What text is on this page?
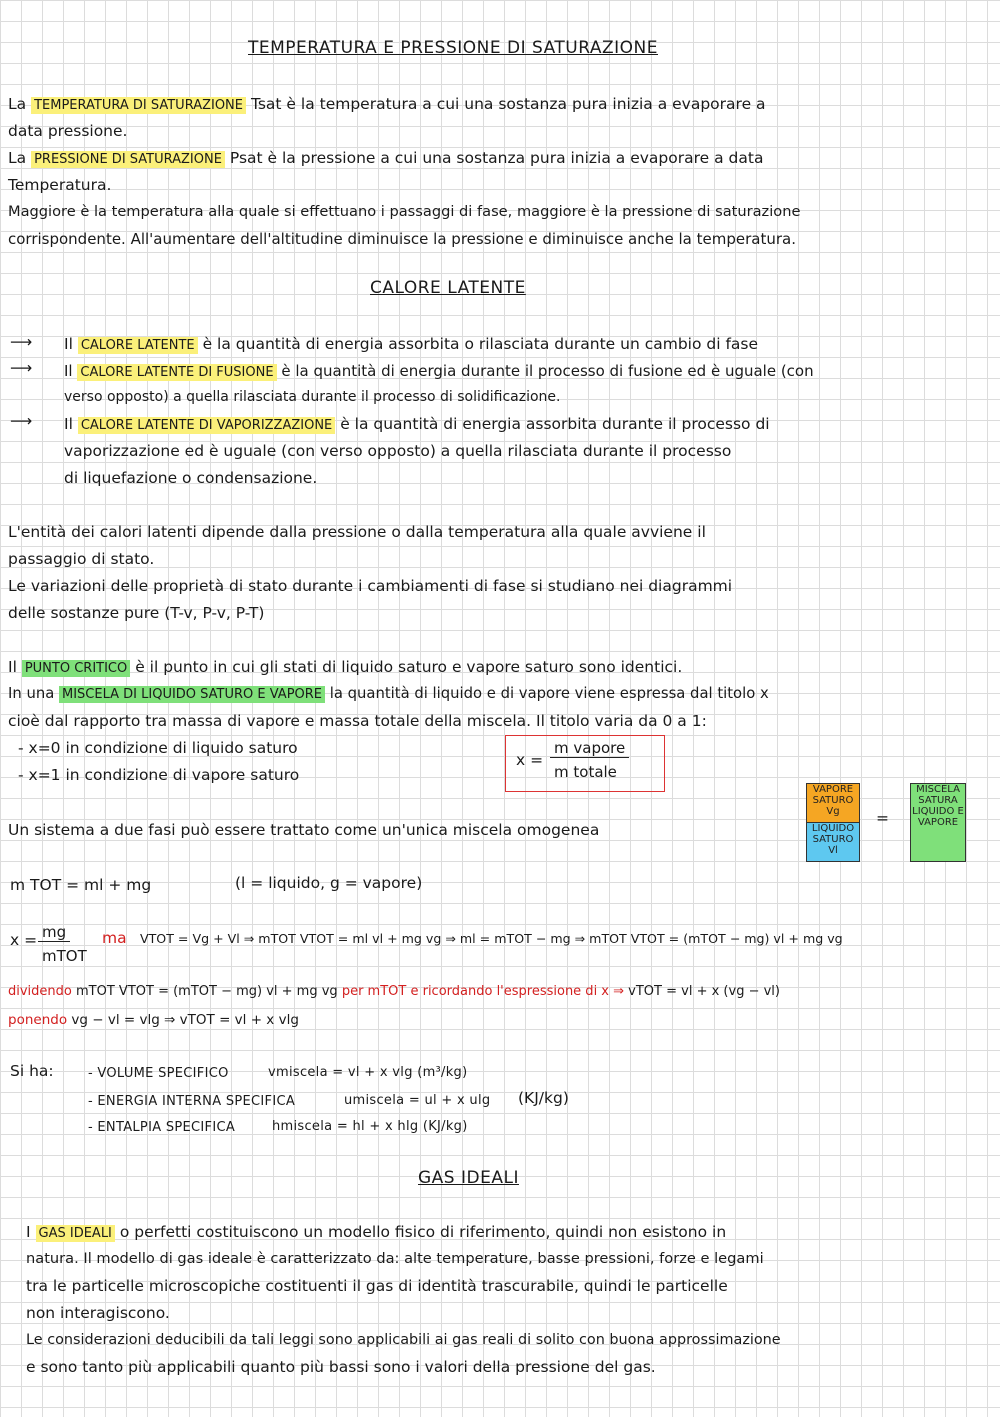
TEMPERATURA E PRESSIONE DI SATURAZIONE
La TEMPERATURA DI SATURAZIONE Tsat è la temperatura a cui una sostanza pura inizia a evaporare a
data pressione.
La PRESSIONE DI SATURAZIONE Psat è la pressione a cui una sostanza pura inizia a evaporare a data
Temperatura.
Maggiore è la temperatura alla quale si effettuano i passaggi di fase, maggiore è la pressione di saturazione
corrispondente. All'aumentare dell'altitudine diminuisce la pressione e diminuisce anche la temperatura.
CALORE LATENTE
⟶ Il CALORE LATENTE è la quantità di energia assorbita o rilasciata durante un cambio di fase
⟶ Il CALORE LATENTE DI FUSIONE è la quantità di energia durante il processo di fusione ed è uguale (con
verso opposto) a quella rilasciata durante il processo di solidificazione.
⟶ Il CALORE LATENTE DI VAPORIZZAZIONE è la quantità di energia assorbita durante il processo di
vaporizzazione ed è uguale (con verso opposto) a quella rilasciata durante il processo
di liquefazione o condensazione.
L'entità dei calori latenti dipende dalla pressione o dalla temperatura alla quale avviene il
passaggio di stato.
Le variazioni delle proprietà di stato durante i cambiamenti di fase si studiano nei diagrammi
delle sostanze pure (T-v, P-v, P-T)
Il PUNTO CRITICO è il punto in cui gli stati di liquido saturo e vapore saturo sono identici.
In una MISCELA DI LIQUIDO SATURO E VAPORE la quantità di liquido e di vapore viene espressa dal titolo x
cioè dal rapporto tra massa di vapore e massa totale della miscela. Il titolo varia da 0 a 1:
- x=0 in condizione di liquido saturo
- x=1 in condizione di vapore saturo
x =
m vapore
m totale
Un sistema a due fasi può essere trattato come un'unica miscela omogenea
VAPORE SATURO Vg
LIQUIDO SATURO Vl
=
MISCELA SATURA LIQUIDO E VAPORE
m TOT = ml + mg	(l = liquido, g = vapore)
x = mg
mTOT
ma VTOT = Vg + Vl ⇒ mTOT VTOT = ml vl + mg vg ⇒ ml = mTOT − mg ⇒ mTOT VTOT = (mTOT − mg) vl + mg vg
dividendo mTOT VTOT = (mTOT − mg) vl + mg vg per mTOT e ricordando l'espressione di x ⇒ vTOT = vl + x (vg − vl)
ponendo vg − vl = vlg ⇒ vTOT = vl + x vlg
Si ha:	- VOLUME SPECIFICO	vmiscela = vl + x vlg (m³/kg)
- ENERGIA INTERNA SPECIFICA	umiscela = ul + x ulg (KJ/kg)
- ENTALPIA SPECIFICA	hmiscela = hl + x hlg (KJ/kg)
GAS IDEALI
I GAS IDEALI o perfetti costituiscono un modello fisico di riferimento, quindi non esistono in
natura. Il modello di gas ideale è caratterizzato da: alte temperature, basse pressioni, forze e legami
tra le particelle microscopiche costituenti il gas di identità trascurabile, quindi le particelle
non interagiscono.
Le considerazioni deducibili da tali leggi sono applicabili ai gas reali di solito con buona approssimazione
e sono tanto più applicabili quanto più bassi sono i valori della pressione del gas.
